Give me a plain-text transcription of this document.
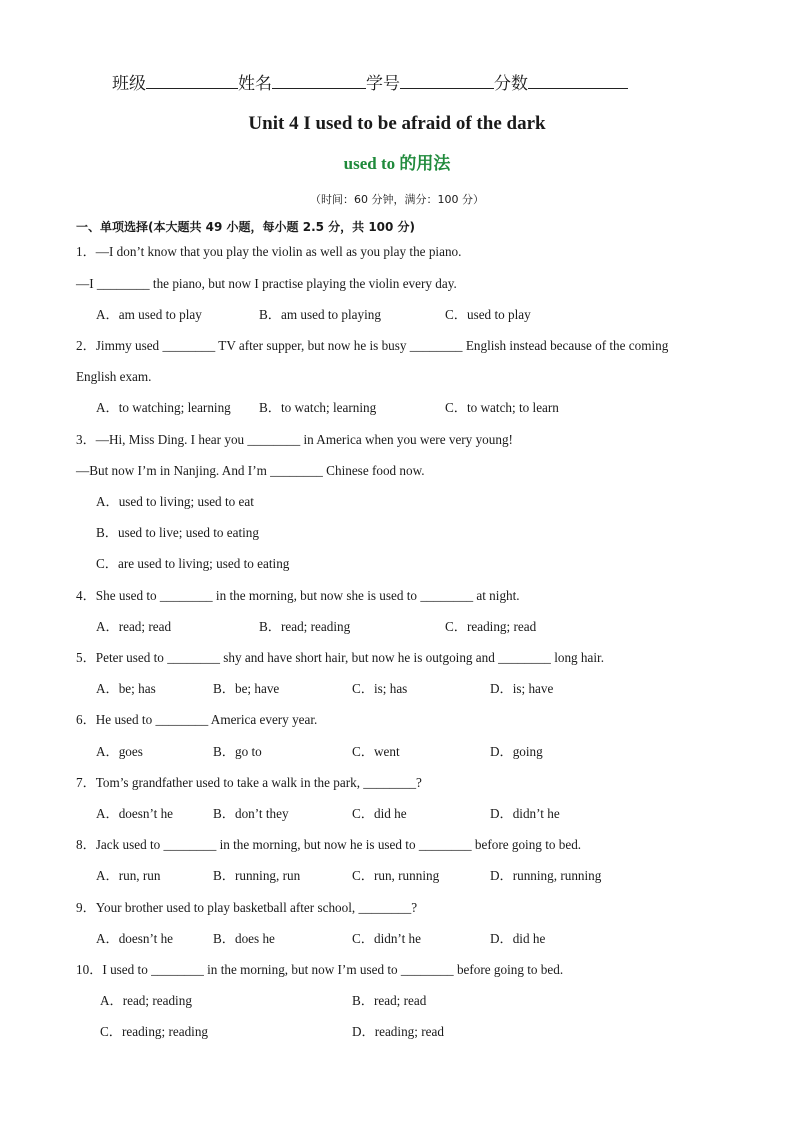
班级	姓名	学号	分数
Unit 4 I used to be afraid of the dark
used to 的用法
（时间：60 分钟，满分：100 分）
一、单项选择(本大题共 49 小题，每小题 2.5 分，共 100 分)
1．—I don’t know that you play the violin as well as you play the piano.
—I ________ the piano, but now I practise playing the violin every day.
A．am used to play	B．am used to playing	C．used to play
2．Jimmy used ________ TV after supper, but now he is busy ________ English instead because of the coming
English exam.
A．to watching; learning B．to watch; learning	C．to watch; to learn
3．—Hi, Miss Ding. I hear you ________ in America when you were very young!
—But now I’m in Nanjing. And I’m ________ Chinese food now.
A．used to living; used to eat
B．used to live; used to eating
C．are used to living; used to eating
4．She used to ________ in the morning, but now she is used to ________ at night.
A．read; read	B．read; reading	C．reading; read
5．Peter used to ________ shy and have short hair, but now he is outgoing and ________ long hair.
A．be; has	B．be; have	C．is; has	D．is; have
6．He used to ________ America every year.
A．goes	B．go to	C．went	D．going
7．Tom’s grandfather used to take a walk in the park, ________?
A．doesn’t he	B．don’t they	C．did he	D．didn’t he
8．Jack used to ________ in the morning, but now he is used to ________ before going to bed.
A．run, run	B．running, run	C．run, running	D．running, running
9．Your brother used to play basketball after school, ________?
A．doesn’t he	B．does he	C．didn’t he	D．did he
10．I used to ________ in the morning, but now I’m used to ________ before going to bed.
A．read; reading	B．read; read
C．reading; reading	D．reading; read
